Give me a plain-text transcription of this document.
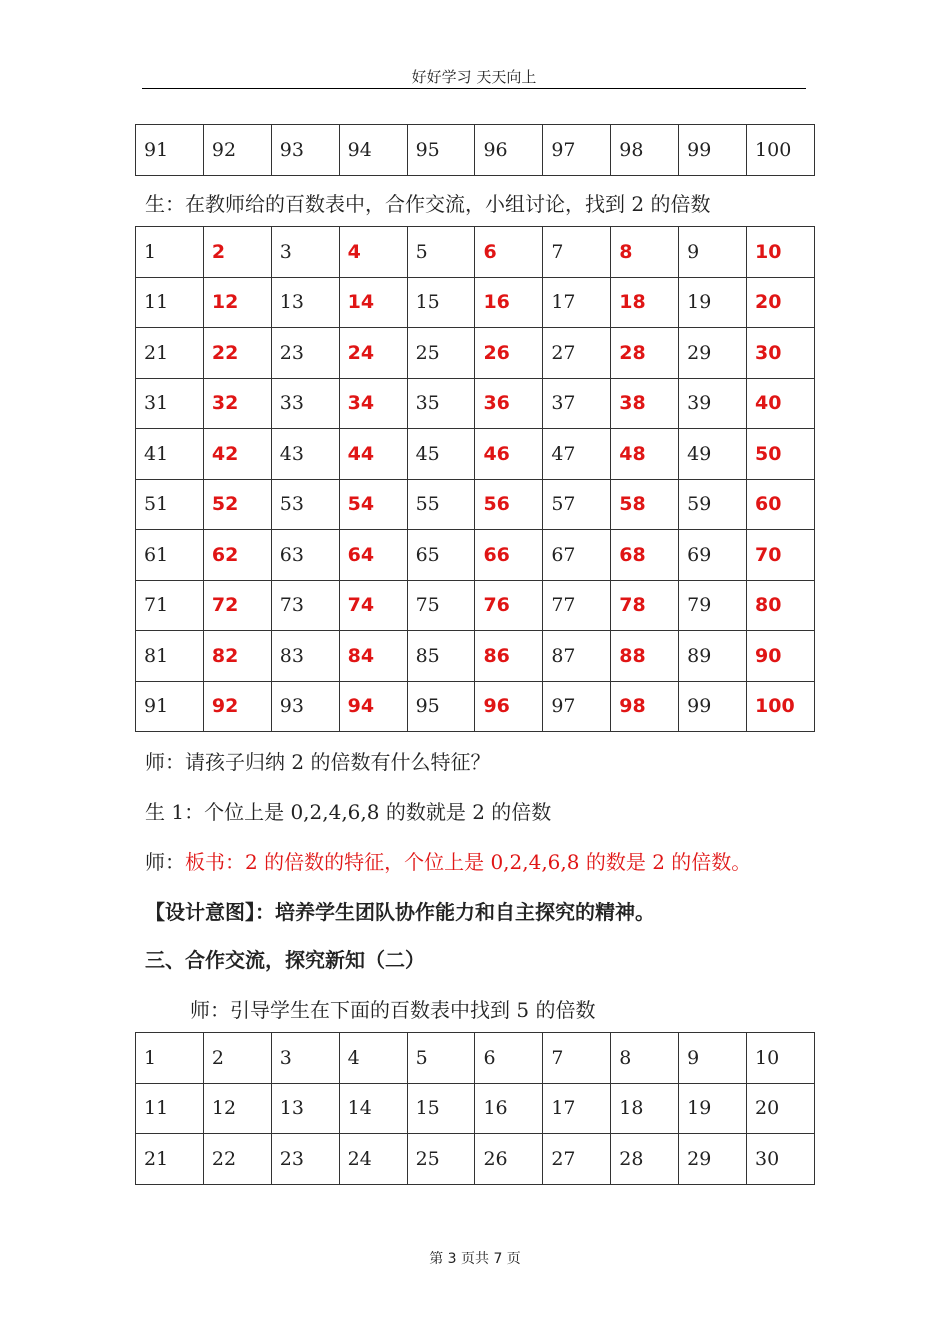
好好学习 天天向上
91	92	93	94	95	96	97	98	99	100
生：在教师给的百数表中，合作交流，小组讨论，找到 2 的倍数
1	2	3	4	5	6	7	8	9	10
11	12	13	14	15	16	17	18	19	20
21	22	23	24	25	26	27	28	29	30
31	32	33	34	35	36	37	38	39	40
41	42	43	44	45	46	47	48	49	50
51	52	53	54	55	56	57	58	59	60
61	62	63	64	65	66	67	68	69	70
71	72	73	74	75	76	77	78	79	80
81	82	83	84	85	86	87	88	89	90
91	92	93	94	95	96	97	98	99	100
师：请孩子归纳 2 的倍数有什么特征？
生 1：个位上是 0,2,4,6,8 的数就是 2 的倍数
师：板书：2 的倍数的特征，个位上是 0,2,4,6,8 的数是 2 的倍数。
【设计意图】：培养学生团队协作能力和自主探究的精神。
三、合作交流，探究新知（二）
师：引导学生在下面的百数表中找到 5 的倍数
1	2	3	4	5	6	7	8	9	10
11	12	13	14	15	16	17	18	19	20
21	22	23	24	25	26	27	28	29	30
第 3 页共 7 页
